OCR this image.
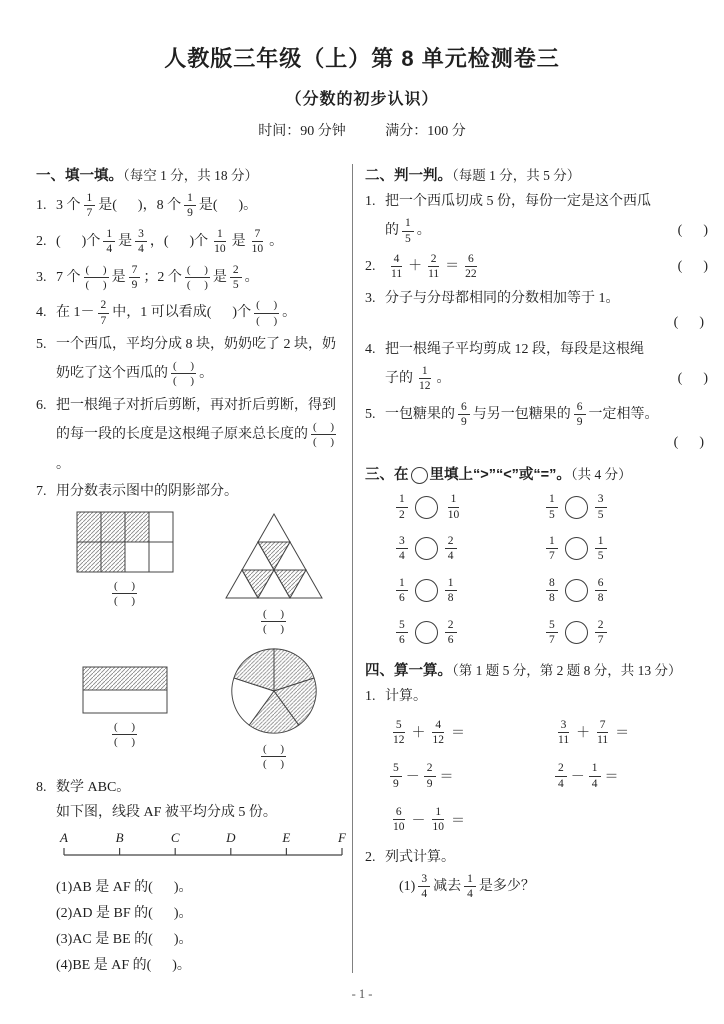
人教版三年级（上）第 8 单元检测卷三
（分数的初步认识）
时间：90 分钟	满分：100 分
一、填一填。（每空 1 分，共 18 分）
1. 3 个 $\frac{1}{7}$ 是(      )，8 个 $\frac{1}{9}$ 是(      )。
2. (      )个 $\frac{1}{4}$ 是 $\frac{3}{4}$ ，(      )个 $\frac{1}{10}$ 是 $\frac{7}{10}$ 。
3. 7 个
(     )
(     )
是 $\frac{7}{9}$ ；2 个
(     )
(     )
是 $\frac{2}{5}$ 。
4. 在 $1- \frac{2}{7}$ 中，1 可以看成(      )个
(     )
(     )
。
5. 一个西瓜，平均分成 8 块，奶奶吃了 2 块，奶奶吃了这个西瓜的
(     )
(     )
。
6. 把一根绳子对折后剪断，再对折后剪断，得到的每一段的长度是这根绳子原来总长度的
(     )
(     )
。
7. 用分数表示图中的阴影部分。
(     )
(     )
(     )
(     )
(     )
(     )
(     )
(     )
8. 数学 ABC。
如下图，线段 AF 被平均分成 5 份。
A	B	C	D	E	F
(1)AB 是 AF 的(      )。
(2)AD 是 BF 的(      )。
(3)AC 是 BE 的(      )。
(4)BE 是 AF 的(      )。
二、判一判。（每题 1 分，共 5 分）
1. 把一个西瓜切成 5 份，每份一定是这个西瓜
的 $\frac{1}{5}$ 。	(      )
2. $\frac{4}{11} + \frac{2}{11} = \frac{6}{22}$	(      )
3. 分子与分母都相同的分数相加等于 1。
(      )
4. 把一根绳子平均剪成 12 段，每段是这根绳
子的 $\frac{1}{12}$ 。	(      )
5. 一包糖果的 $\frac{6}{9}$ 与另一包糖果的 $\frac{6}{9}$ 一定相等。
(      )
三、在 里填上“>”“<”或“=”。（共 4 分）
$\frac{1}{2}$	$\frac{1}{10}$	$\frac{1}{5}$	$\frac{3}{5}$
$\frac{3}{4}$	$\frac{2}{4}$	$\frac{1}{7}$	$\frac{1}{5}$
$\frac{1}{6}$	$\frac{1}{8}$	$\frac{8}{8}$	$\frac{6}{8}$
$\frac{5}{6}$	$\frac{2}{6}$	$\frac{5}{7}$	$\frac{2}{7}$
四、算一算。（第 1 题 5 分，第 2 题 8 分，共 13 分）
1. 计算。
$\frac{5}{12} + \frac{4}{12}$ ＝	$\frac{3}{11} + \frac{7}{11}$ ＝
$\frac{5}{9} - \frac{2}{9}$ ＝	$\frac{2}{4} - \frac{1}{4}$ ＝
$\frac{6}{10} - \frac{1}{10}$ ＝
2. 列式计算。
$(1) \frac{3}{4}$ 减去 $\frac{1}{4}$ 是多少？
- 1 -
